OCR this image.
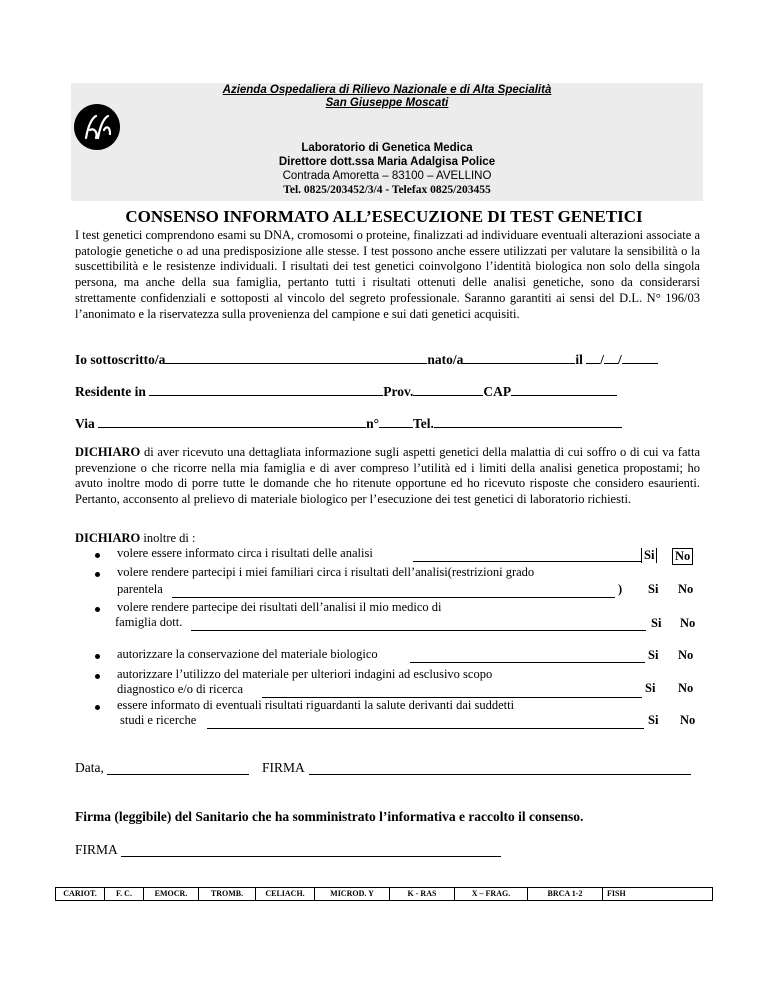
Azienda Ospedaliera di Rilievo Nazionale e di Alta Specialità
San Giuseppe Moscati
Laboratorio di Genetica Medica
Direttore dott.ssa Maria Adalgisa Police
Contrada Amoretta – 83100 – AVELLINO
Tel. 0825/203452/3/4 - Telefax 0825/203455
CONSENSO INFORMATO ALL’ESECUZIONE DI TEST GENETICI
I test genetici comprendono esami su DNA, cromosomi o proteine, finalizzati ad individuare eventuali alterazioni associate a patologie genetiche o ad una predisposizione alle stesse. I test possono anche essere utilizzati per valutare la sensibilità o la suscettibilità e le resistenze individuali. I risultati dei test genetici coinvolgono l’identità biologica non solo della singola persona, ma anche della sua famiglia, pertanto tutti i risultati ottenuti delle analisi genetiche, sono da considerarsi strettamente confidenziali e sottoposti al vincolo del segreto professionale. Saranno garantiti ai sensi del D.L. N° 196/03 l’anonimato e la riservatezza sulla provenienza del campione e sui dati genetici acquisiti.
Io sottoscritto/a	nato/a	il / /
Residente in	Prov.	CAP
Via	n°	Tel.
DICHIARO di aver ricevuto una dettagliata informazione sugli aspetti genetici della malattia di cui soffro o di cui va fatta prevenzione o che ricorre nella mia famiglia e di aver compreso l’utilità ed i limiti della analisi genetica propostami; ho avuto inoltre modo di porre tutte le domande che ho ritenute opportune ed ho ricevuto risposte che considero esaurienti. Pertanto, acconsento al prelievo di materiale biologico per l’esecuzione dei test genetici di laboratorio richiesti.
DICHIARO inoltre di :
volere essere informato circa i risultati delle analisi	Si No
volere rendere partecipi i miei familiari circa i risultati dell’analisi(restrizioni grado
parentela	) Si No
volere rendere partecipe dei risultati dell’analisi il mio medico di
famiglia dott.	Si No
autorizzare la conservazione del materiale biologico	Si No
autorizzare l’utilizzo del materiale per ulteriori indagini ad esclusivo scopo
diagnostico e/o di ricerca	Si No
essere informato di eventuali risultati riguardanti la salute derivanti dai suddetti
studi e ricerche	Si No
Data,	FIRMA
Firma (leggibile) del Sanitario che ha somministrato l’informativa e raccolto il consenso.
FIRMA
CARIOT.	F. C.	EMOCR.	TROMB.	CELIACH.	MICROD. Y	K - RAS	X – FRAG.	BRCA 1-2	FISH
